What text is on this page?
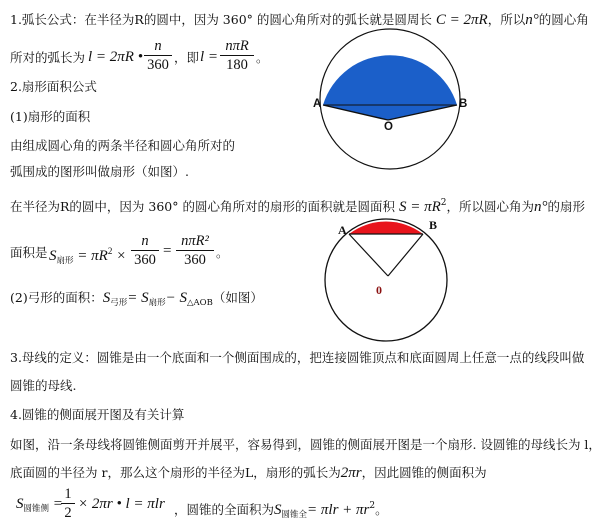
1.弧长公式：在半径为R的圆中，因为 360° 的圆心角所对的弧长就是圆周长 C = 2πR，所以n°的圆心角
所对的弧长为 l = 2πR • $\frac{n}{360}$ ，即 l =
nπR
180 。
2.扇形面积公式
(1)扇形的面积
由组成圆心角的两条半径和圆心角所对的
弧围成的图形叫做扇形（如图）.
在半径为R的圆中，因为 360° 的圆心角所对的扇形的面积就是圆面积 $S = \pi R^2$，所以圆心角为n°的扇形
面积是 $S_{扇形} = \pi R^2 \times \frac{n}{360}$ =
nπR²
360 。
(2)弓形的面积：$S_{弓形}= S_{扇形}- S_{\triangle AOB}$（如图）
3.母线的定义：圆锥是由一个底面和一个侧面围成的，把连接圆锥顶点和底面圆周上任意一点的线段叫做
圆锥的母线.
4.圆锥的侧面展开图及有关计算
如图，沿一条母线将圆锥侧面剪开并展平，容易得到，圆锥的侧面展开图是一个扇形. 设圆锥的母线长为 l，
底面圆的半径为 r，那么这个扇形的半径为L，扇形的弧长为2πr，因此圆锥的侧面积为
$S_{圆锥侧}$ =
$\frac{1}{2} \times 2\pi r$ • l = πlr ，圆锥的全面积为$S_{圆锥全}= \pi lr + \pi r^2$。
A	B
O
A	B
0
